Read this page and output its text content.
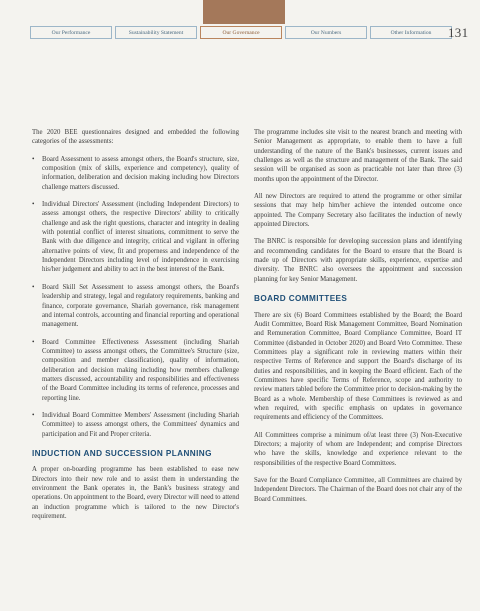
Our Performance	Sustainability Statement	Our Governance	Our Numbers	Other Information	131

The 2020 BEE questionnaires designed and embedded the following categories of the assessments:

• Board Assessment to assess amongst others, the Board's structure, size, composition (mix of skills, experience and competency), quality of information, deliberation and decision making including how Directors challenge matters discussed.
• Individual Directors' Assessment (including Independent Directors) to assess amongst others, the respective Directors' ability to critically challenge and ask the right questions, character and integrity in dealing with potential conflict of interest situations, commitment to serve the Bank with due diligence and integrity, critical and vigilant in offering alternative points of view, fit and properness and independence of the Independent Directors including level of independence in exercising his/her judgement and ability to act in the best interest of the Bank.
• Board Skill Set Assessment to assess amongst others, the Board's leadership and strategy, legal and regulatory requirements, banking and finance, corporate governance, Shariah governance, risk management and internal controls, accounting and financial reporting and operational management.
• Board Committee Effectiveness Assessment (including Shariah Committee) to assess amongst others, the Committee's Structure (size, composition and member classification), quality of information, deliberation and decision making including how members challenge matters discussed, accountability and responsibilities and effectiveness of the Board Committee including its terms of reference, processes and reporting line.
• Individual Board Committee Members' Assessment (including Shariah Committee) to assess amongst others, the Committees' dynamics and participation and Fit and Proper criteria.
INDUCTION AND SUCCESSION PLANNING

A proper on-boarding programme has been established to ease new Directors into their new role and to assist them in understanding the environment the Bank operates in, the Bank's business strategy and operations. On appointment to the Board, every Director will need to attend an induction programme which is tailored to the new Director's requirement.

The programme includes site visit to the nearest branch and meeting with Senior Management as appropriate, to enable them to have a full understanding of the nature of the Bank's businesses, current issues and challenges as well as the structure and management of the Bank. The said session will be organised as soon as practicable not later than three (3) months upon the appointment of the Director.

All new Directors are required to attend the programme or other similar sessions that may help him/her achieve the intended outcome once appointed. The Company Secretary also facilitates the induction of newly appointed Directors.

The BNRC is responsible for developing succession plans and identifying and recommending candidates for the Board to ensure that the Board is made up of Directors with appropriate skills, experience, expertise and diversity. The BNRC also oversees the appointment and succession planning for key Senior Management.

BOARD COMMITTEES

There are six (6) Board Committees established by the Board; the Board Audit Committee, Board Risk Management Committee, Board Nomination and Remuneration Committee, Board Compliance Committee, Board IT Committee (disbanded in October 2020) and Board Veto Committee. These Committees play a significant role in reviewing matters within their respective Terms of Reference and support the Board's discharge of its duties and responsibilities, and in keeping the Board efficient. Each of the Committees have specific Terms of Reference, scope and authority to review matters tabled before the Committee prior to decision-making by the Board as a whole. Membership of these Committees is reviewed as and when required, with specific emphasis on updates in governance requirements and efficiency of the Committees.

All Committees comprise a minimum of/at least three (3) Non-Executive Directors; a majority of whom are Independent; and comprise Directors who have the skills, knowledge and experience relevant to the responsibilities of the respective Board Committees.

Save for the Board Compliance Committee, all Committees are chaired by Independent Directors. The Chairman of the Board does not chair any of the Board Committees.
